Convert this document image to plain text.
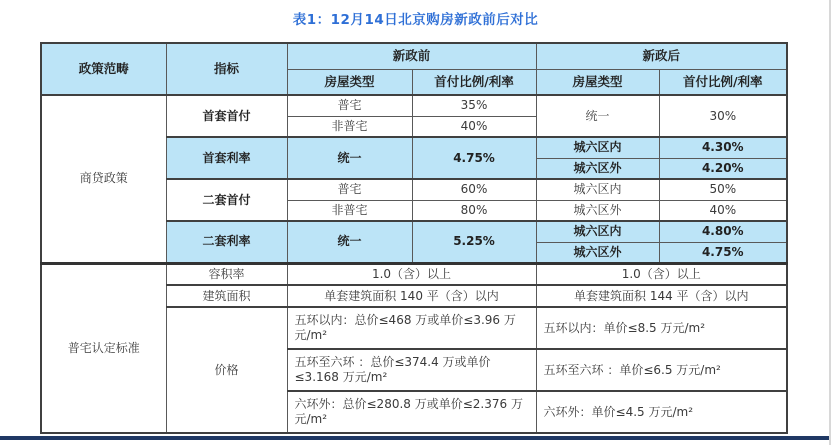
表1：12月14日北京购房新政前后对比
政策范畴	指标	新政前		新政后	
		房屋类型	首付比例/利率	房屋类型	首付比例/利率
商贷政策	首套首付	普宅	35%	统一	30%
		非普宅	40%		
	首套利率	统一	4.75%	城六区内	4.30%
				城六区外	4.20%
	二套首付	普宅	60%	城六区内	50%
		非普宅	80%	城六区外	40%
	二套利率	统一	5.25%	城六区内	4.80%
				城六区外	4.75%
普宅认定标准	容积率	1.0（含）以上		1.0（含）以上	
	建筑面积	单套建筑面积 140 平（含）以内		单套建筑面积 144 平（含）以内	
	价格	五环以内：总价≤468 万或单价≤3.96 万元/m²		五环以内：单价≤8.5 万元/m²	
		五环至六环 ：总价≤374.4 万或单价≤3.168 万元/m²		五环至六环 ：单价≤6.5 万元/m²	
		六环外：总价≤280.8 万或单价≤2.376 万元/m²		六环外：单价≤4.5 万元/m²	
